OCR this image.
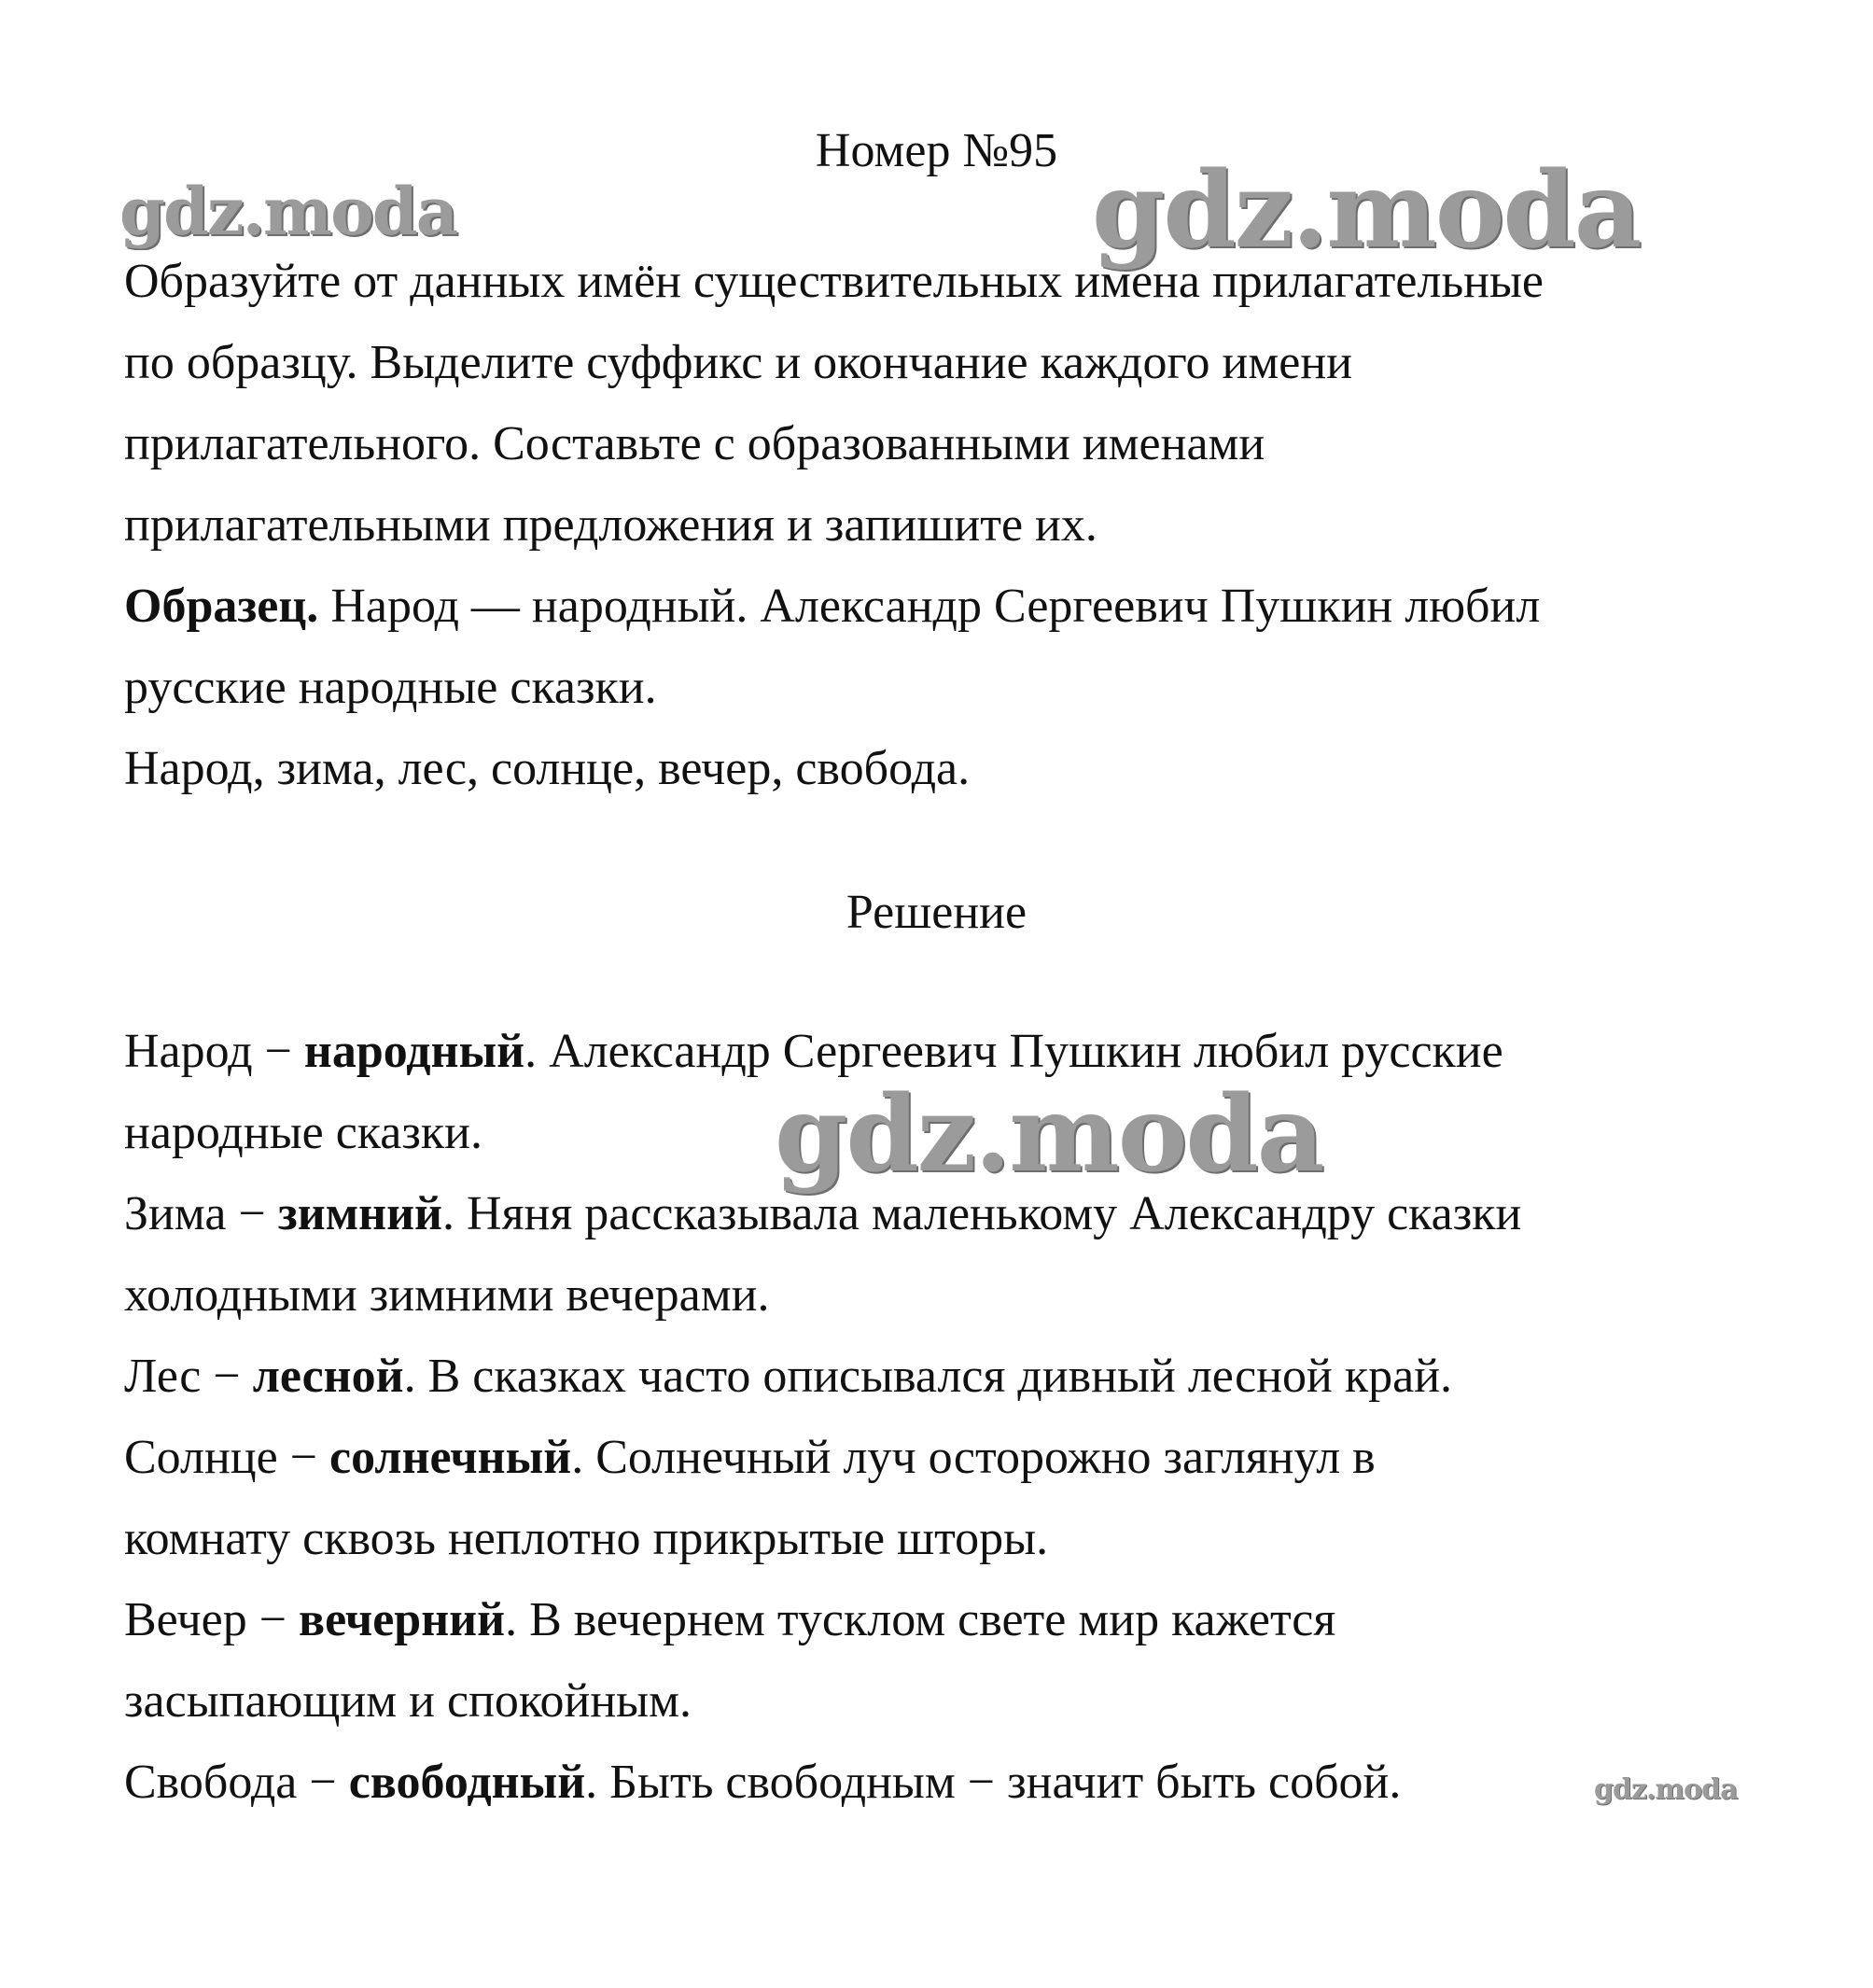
gdz.moda	gdz.moda
Номер №95
Образуйте от данных имён существительных имена прилагательные
по образцу. Выделите суффикс и окончание каждого имени
прилагательного. Составьте с образованными именами
прилагательными предложения и запишите их.
Образец. Народ — народный. Александр Сергеевич Пушкин любил
русские народные сказки.
Народ, зима, лес, солнце, вечер, свобода.
Решение
Народ − народный. Александр Сергеевич Пушкин любил русские
народные сказки.
Зима − зимний. Няня рассказывала маленькому Александру сказки
холодными зимними вечерами.
Лес − лесной. В сказках часто описывался дивный лесной край.
Солнце − солнечный. Солнечный луч осторожно заглянул в
комнату сквозь неплотно прикрытые шторы.
Вечер − вечерний. В вечернем тусклом свете мир кажется
засыпающим и спокойным.
Свобода − свободный. Быть свободным − значит быть собой.
gdz.moda
gdz.moda
